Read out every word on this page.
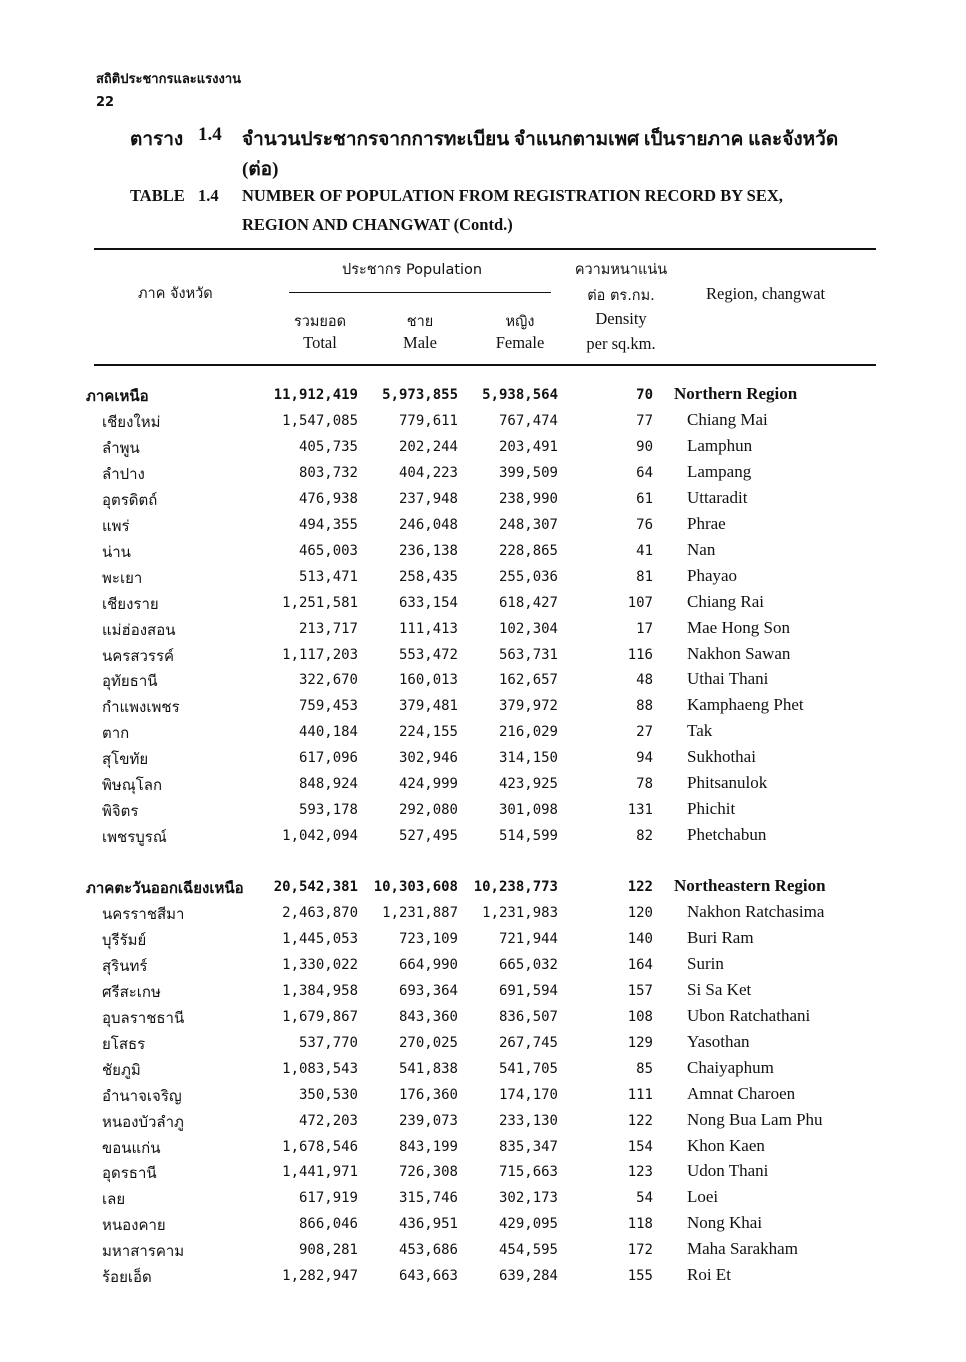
สถิติประชากรและแรงงาน
22
ตาราง 1.4 จำนวนประชากรจากการทะเบียน จำแนกตามเพศ เป็นรายภาค และจังหวัด
(ต่อ)
TABLE 1.4 NUMBER OF POPULATION FROM REGISTRATION RECORD BY SEX,
REGION AND CHANGWAT (Contd.)
ภาค จังหวัด
ประชากร Population
รวมยอด
Total
ชาย
Male
หญิง
Female
ความหนาแน่น
ต่อ ตร.กม.
Density
per sq.km.
Region, changwat
ภาคเหนือ	11,912,419 5,973,855 5,938,564	70 Northern Region
เชียงใหม่	1,547,085	779,611	767,474	77 Chiang Mai
ลำพูน	405,735	202,244	203,491	90 Lamphun
ลำปาง	803,732	404,223	399,509	64 Lampang
อุตรดิตถ์	476,938	237,948	238,990	61 Uttaradit
แพร่	494,355	246,048	248,307	76 Phrae
น่าน	465,003	236,138	228,865	41 Nan
พะเยา	513,471	258,435	255,036	81 Phayao
เชียงราย	1,251,581	633,154	618,427	107 Chiang Rai
แม่ฮ่องสอน	213,717	111,413	102,304	17 Mae Hong Son
นครสวรรค์	1,117,203	553,472	563,731	116 Nakhon Sawan
อุทัยธานี	322,670	160,013	162,657	48 Uthai Thani
กำแพงเพชร	759,453	379,481	379,972	88 Kamphaeng Phet
ตาก	440,184	224,155	216,029	27 Tak
สุโขทัย	617,096	302,946	314,150	94 Sukhothai
พิษณุโลก	848,924	424,999	423,925	78 Phitsanulok
พิจิตร	593,178	292,080	301,098	131 Phichit
เพชรบูรณ์	1,042,094	527,495	514,599	82 Phetchabun
ภาคตะวันออกเฉียงเหนือ 20,542,381 10,303,608 10,238,773	122 Northeastern Region
นครราชสีมา	2,463,870 1,231,887 1,231,983	120 Nakhon Ratchasima
บุรีรัมย์	1,445,053	723,109	721,944	140 Buri Ram
สุรินทร์	1,330,022	664,990	665,032	164 Surin
ศรีสะเกษ	1,384,958	693,364	691,594	157 Si Sa Ket
อุบลราชธานี	1,679,867	843,360	836,507	108 Ubon Ratchathani
ยโสธร	537,770	270,025	267,745	129 Yasothan
ชัยภูมิ	1,083,543	541,838	541,705	85 Chaiyaphum
อำนาจเจริญ	350,530	176,360	174,170	111 Amnat Charoen
หนองบัวลำภู	472,203	239,073	233,130	122 Nong Bua Lam Phu
ขอนแก่น	1,678,546	843,199	835,347	154 Khon Kaen
อุดรธานี	1,441,971	726,308	715,663	123 Udon Thani
เลย	617,919	315,746	302,173	54 Loei
หนองคาย	866,046	436,951	429,095	118 Nong Khai
มหาสารคาม	908,281	453,686	454,595	172 Maha Sarakham
ร้อยเอ็ด	1,282,947	643,663	639,284	155 Roi Et
